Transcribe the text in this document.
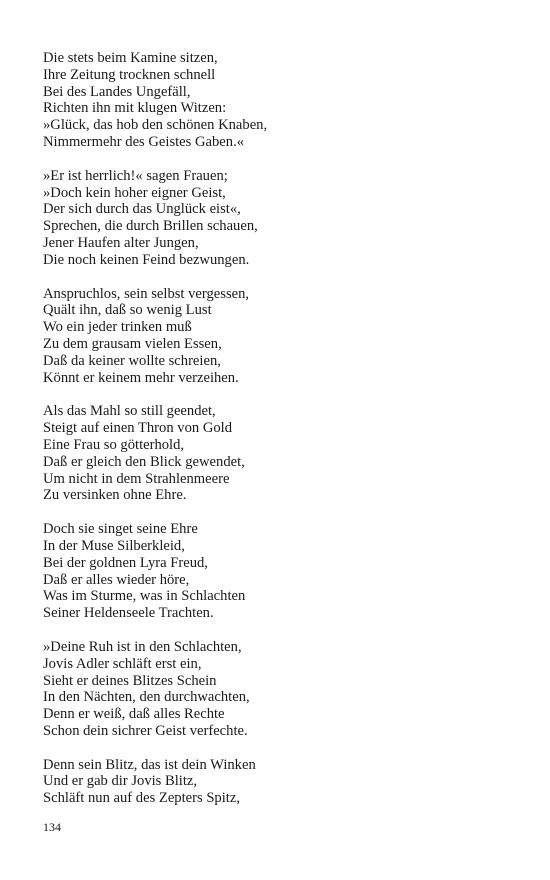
Die stets beim Kamine sitzen,
Ihre Zeitung trocknen schnell
Bei des Landes Ungefäll,
Richten ihn mit klugen Witzen:
»Glück, das hob den schönen Knaben,
Nimmermehr des Geistes Gaben.«
»Er ist herrlich!« sagen Frauen;
»Doch kein hoher eigner Geist,
Der sich durch das Unglück eist«,
Sprechen, die durch Brillen schauen,
Jener Haufen alter Jungen,
Die noch keinen Feind bezwungen.
Anspruchlos, sein selbst vergessen,
Quält ihn, daß so wenig Lust
Wo ein jeder trinken muß
Zu dem grausam vielen Essen,
Daß da keiner wollte schreien,
Könnt er keinem mehr verzeihen.
Als das Mahl so still geendet,
Steigt auf einen Thron von Gold
Eine Frau so götterhold,
Daß er gleich den Blick gewendet,
Um nicht in dem Strahlenmeere
Zu versinken ohne Ehre.
Doch sie singet seine Ehre
In der Muse Silberkleid,
Bei der goldnen Lyra Freud,
Daß er alles wieder höre,
Was im Sturme, was in Schlachten
Seiner Heldenseele Trachten.
»Deine Ruh ist in den Schlachten,
Jovis Adler schläft erst ein,
Sieht er deines Blitzes Schein
In den Nächten, den durchwachten,
Denn er weiß, daß alles Rechte
Schon dein sichrer Geist verfechte.
Denn sein Blitz, das ist dein Winken
Und er gab dir Jovis Blitz,
Schläft nun auf des Zepters Spitz,
134
